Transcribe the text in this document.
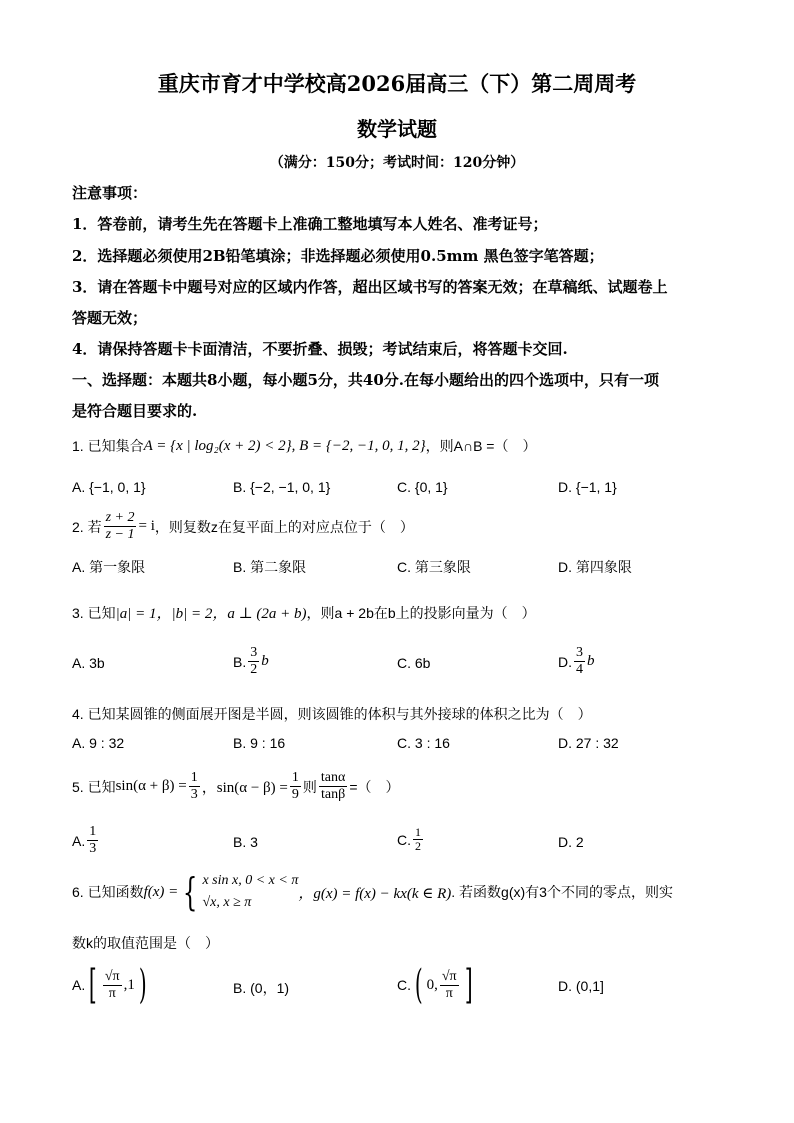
重庆市育才中学校高2026届高三（下）第二周周考
数学试题
（满分：150分；考试时间：120分钟）
注意事项：
1．答卷前，请考生先在答题卡上准确工整地填写本人姓名、准考证号；
2．选择题必须使用2B铅笔填涂；非选择题必须使用0.5mm 黑色签字笔答题；
3．请在答题卡中题号对应的区域内作答，超出区域书写的答案无效；在草稿纸、试题卷上
答题无效；
4．请保持答题卡卡面清洁，不要折叠、损毁；考试结束后，将答题卡交回.
一、选择题：本题共8小题，每小题5分，共40分.在每小题给出的四个选项中，只有一项
是符合题目要求的.
1. 已知集合 A = {x | log₂(x + 2) < 2}, B = {−2, −1, 0, 1, 2} ，则A∩B =（　）
A. {−1, 0, 1}	B. {−2, −1, 0, 1}	C. {0, 1}	D. {−1, 1}
2. 若 $\frac{z + 2}{z - 1} = i$ ，则复数z在复平面上的对应点位于（　）
A. 第一象限	B. 第二象限	C. 第三象限	D. 第四象限
3. 已知 |a| = 1，|b| = 2，a ⊥ (2a + b) ，则a + 2b在b上的投影向量为（　）
A. 3b	B. $\frac{3}{2}$ b	C. 6b	D. $\frac{3}{4}$ b
4. 已知某圆锥的侧面展开图是半圆，则该圆锥的体积与其外接球的体积之比为（　）
A. 9 : 32	B. 9 : 16	C. 3 : 16	D. 27 : 32
5. 已知 $\sin(\alpha + \beta) = \frac{1}{3}$ ，$\sin(\alpha - \beta) = \frac{1}{9}$ 则 $\frac{\tan\alpha}{\tan\beta}$ =（　）
A. $\frac{1}{3}$	B. 3	C. $\frac{1}{2}$	D. 2
6. 已知函数 f(x) = { x sin x, 0 < x < π
√x, x ≥ π
，g(x) = f(x) − kx(k ∈ R) . 若函数g(x)有3个不同的零点，则实
数k的取值范围是（　）
A. [ $\frac{√\pi}{\pi} ,1$ )	B. (0，1)	C. ( 0, $\frac{√\pi}{\pi}$ ]	D. (0,1]
